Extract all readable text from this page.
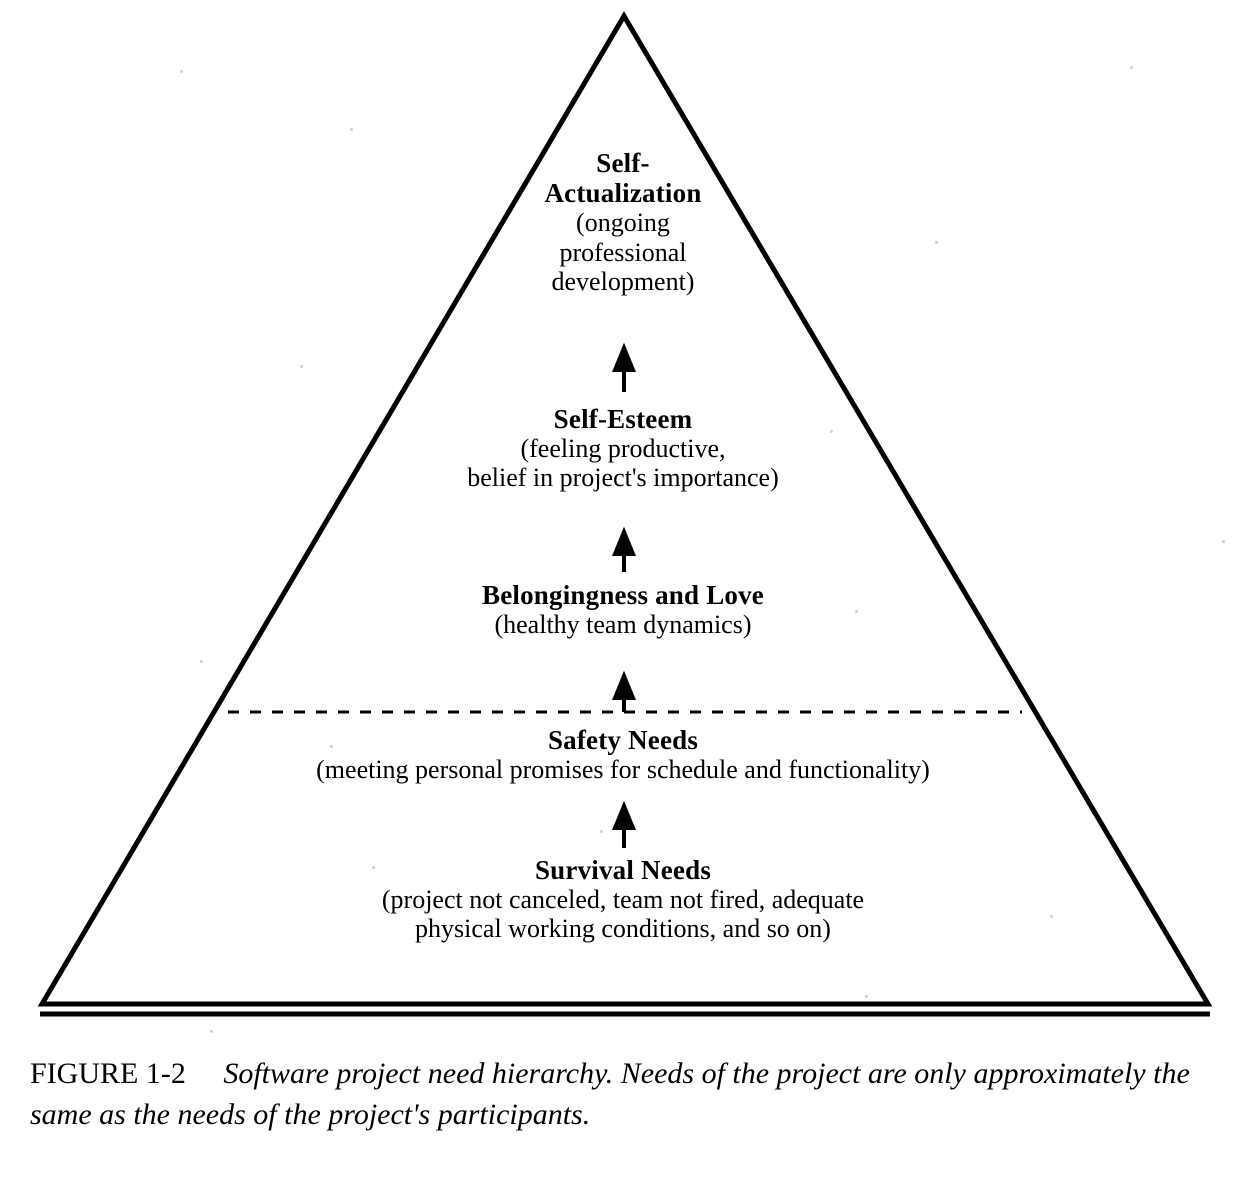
Self-
Actualization
(ongoing
professional
development)
Self-Esteem
(feeling productive,
belief in project's importance)
Belongingness and Love
(healthy team dynamics)
Safety Needs
(meeting personal promises for schedule and functionality)
Survival Needs
(project not canceled, team not fired, adequate
physical working conditions, and so on)
FIGURE 1-2 Software project need hierarchy. Needs of the project are only approximately the same as the needs of the project's participants.
